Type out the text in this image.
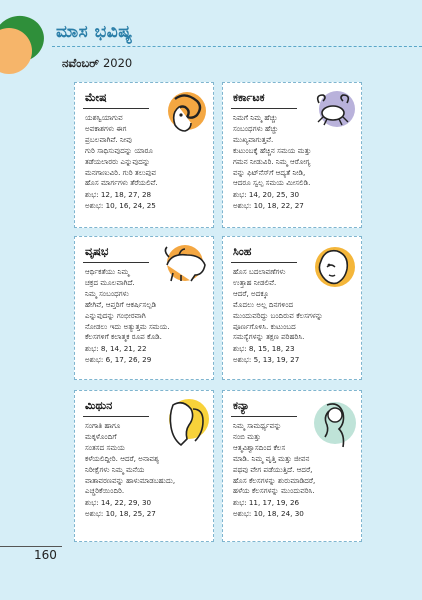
ಮಾಸ ಭವಿಷ್ಯ
ನವೆಂಬರ್ 2020
ಮೇಷ
ಯಶಸ್ವಿಯಾಗುವ
ಅವಕಾಶಗಳು ಈಗ
ಪ್ರಬಲವಾಗಿವೆ. ನೀವು
ಗುರಿ ಸಾಧಿಸುವುದನ್ನು ಯಾರೂ
ತಡೆಯಲಾರರು ಎನ್ನುವುದನ್ನು
ಮನಗಾಣುವಿರಿ. ಗುರಿ ತಲುಪುವ
ಹೊಸ ಮಾರ್ಗಗಳು ತೆರೆಯಲಿವೆ.
ಶುಭ: 12, 18, 27, 28
ಅಶುಭ: 10, 16, 24, 25
ಕರ್ಕಾಟಕ
ನಿಮಗೆ ನಿಮ್ಮ ಹೆಚ್ಚು
ಸಂಬಂಧಗಳು ಹೆಚ್ಚು
ಮುಖ್ಯವಾಗುತ್ತವೆ.
ಕುಟುಂಬಕ್ಕೆ ಹೆಚ್ಚಿನ ಸಮಯ ಮತ್ತು
ಗಮನ ನೀಡುವಿರಿ. ನಿಮ್ಮ ಆರೋಗ್ಯ
ವನ್ನು ಫಿಟ್‌ನೆಸ್‌ಗೆ ಆದ್ಯತೆ ನೀಡಿ,
ಆದರೂ ಸ್ವಲ್ಪ ಸಮಯ ಮೀಸಲಿಡಿ.
ಶುಭ: 14, 20, 25, 30
ಅಶುಭ: 10, 18, 22, 27
ವೃಷಭ
ಆರ್ಥಿಕತೆಯು ನಿಮ್ಮ
ಚಕ್ರದ ಮೂಲವಾಗಿದೆ.
ನಿಮ್ಮ ಸಂಬಂಧಗಳು
ಹೇಗಿವೆ, ಆಪ್ತರಿಗೆ ಆಕರ್ಷಿಸಲ್ಪಡಿ
ಎನ್ನುವುದನ್ನು ಗಂಭೀರವಾಗಿ
ನೋಡಲು ಇದು ಅತ್ಯುತ್ತಮ ಸಮಯ.
ಕೆಲಸಗಳಿಗೆ ಕಲಾತ್ಮಕ ರೂಪ ಕೊಡಿ.
ಶುಭ: 8, 14, 21, 22
ಅಶುಭ: 6, 17, 26, 29
ಸಿಂಹ
ಹೊಸ ಬದಲಾವಣೆಗಳು
ಉತ್ತಾಹ ನೀಡಲಿವೆ.
ಆದರೆ, ಅದಕ್ಕೂ
ಮೊದಲು ಅಲ್ಲ ದಿನಗಳಿಂದ
ಮುಂದುವರಿದ್ದು ಬಂದಿರುವ ಕೆಲಸಗಳನ್ನು
ಪೂರ್ಣಗೊಳಿಸಿ. ಕುಟುಂಬದ
ಸಮಸ್ಯೆಗಳನ್ನು ತಕ್ಷಣ ಪರಿಹರಿಸಿ.
ಶುಭ: 8, 15, 18, 23
ಅಶುಭ: 5, 13, 19, 27
ಮಿಥುನ
ಸಂಗಾತಿ ಹಾಗೂ
ಮಕ್ಕಳೊಂದಿಗೆ
ಸಂತಸದ ಸಮಯ
ಕಳೆಯಲಿದ್ದೀರಿ. ಆದರೆ, ಅನಾವಶ್ಯ
ನಿರೀಕ್ಷೆಗಳು ನಿಮ್ಮ ಮನೆಯ
ವಾತಾವರಣವನ್ನು ಹಾಳುಮಾಡಬಹುದು,
ಎಚ್ಚರಿಕೆಯಿಂದಿರಿ.
ಶುಭ: 14, 22, 29, 30
ಅಶುಭ: 10, 18, 25, 27
ಕನ್ಯಾ
ನಿಮ್ಮ ಸಾಮರ್ಥ್ಯವನ್ನು
ನಂಬಿ ಮತ್ತು
ಆತ್ಮವಿಶ್ವಾಸದಿಂದ ಕೆಲಸ
ಮಾಡಿ. ನಿಮ್ಮ ವೃತ್ತಿ ಮತ್ತು ಜೀವನ
ಪಥವು ವೇಗ ಪಡೆಯುತ್ತಿದೆ. ಆದರೆ,
ಹೊಸ ಕೆಲಸಗಳನ್ನು ಶುರುಮಾಡಿದರೆ,
ಹಳೆಯ ಕೆಲಸಗಳನ್ನು ಮುಂದುವರಿಸಿ.
ಶುಭ: 11, 17, 19, 26
ಅಶುಭ: 10, 18, 24, 30
160
